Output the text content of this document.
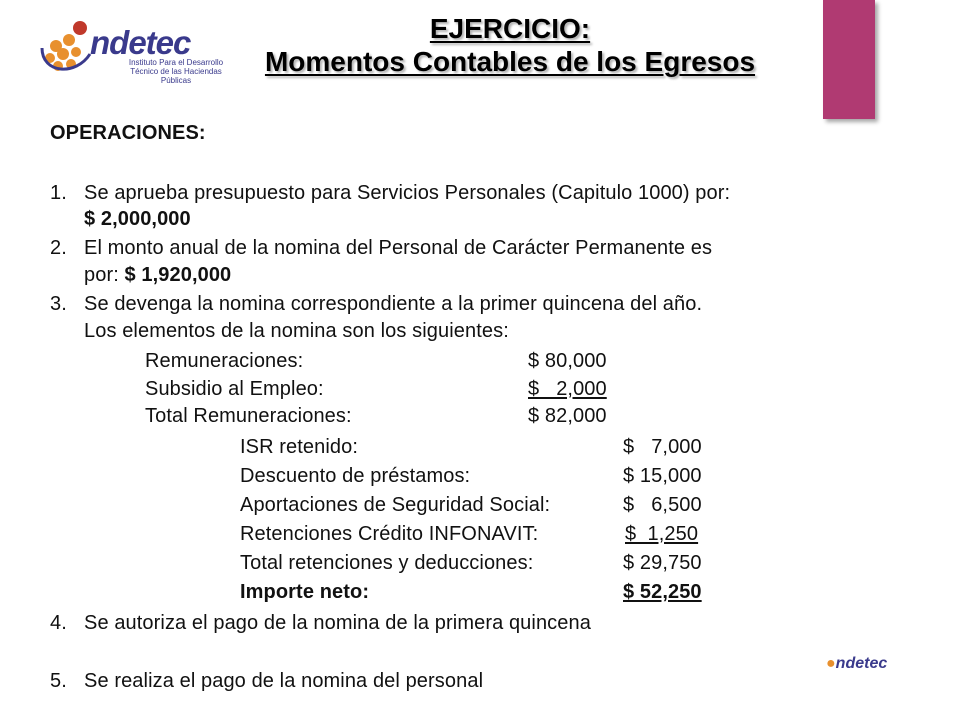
ndetec
Instituto Para el Desarrollo Técnico de las Haciendas Públicas
EJERCICIO:
Momentos Contables de los Egresos
OPERACIONES:
1. Se aprueba presupuesto para Servicios Personales (Capitulo 1000) por:
$ 2,000,000
2. El monto anual de la nomina del Personal de Carácter Permanente es
por: $ 1,920,000
3. Se devenga la nomina correspondiente a la primer quincena del año.
Los elementos de la nomina son los siguientes:
Remuneraciones:	$ 80,000
Subsidio al Empleo:	$   2,000
Total Remuneraciones:	$ 82,000
ISR retenido:	$   7,000
Descuento de préstamos:	$ 15,000
Aportaciones de Seguridad Social:	$   6,500
Retenciones Crédito INFONAVIT:	$  1,250
Total retenciones y deducciones:	$ 29,750
Importe neto:	$ 52,250
4. Se autoriza el pago de la nomina de la primera quincena
5. Se realiza el pago de la nomina del personal
●ndetec
